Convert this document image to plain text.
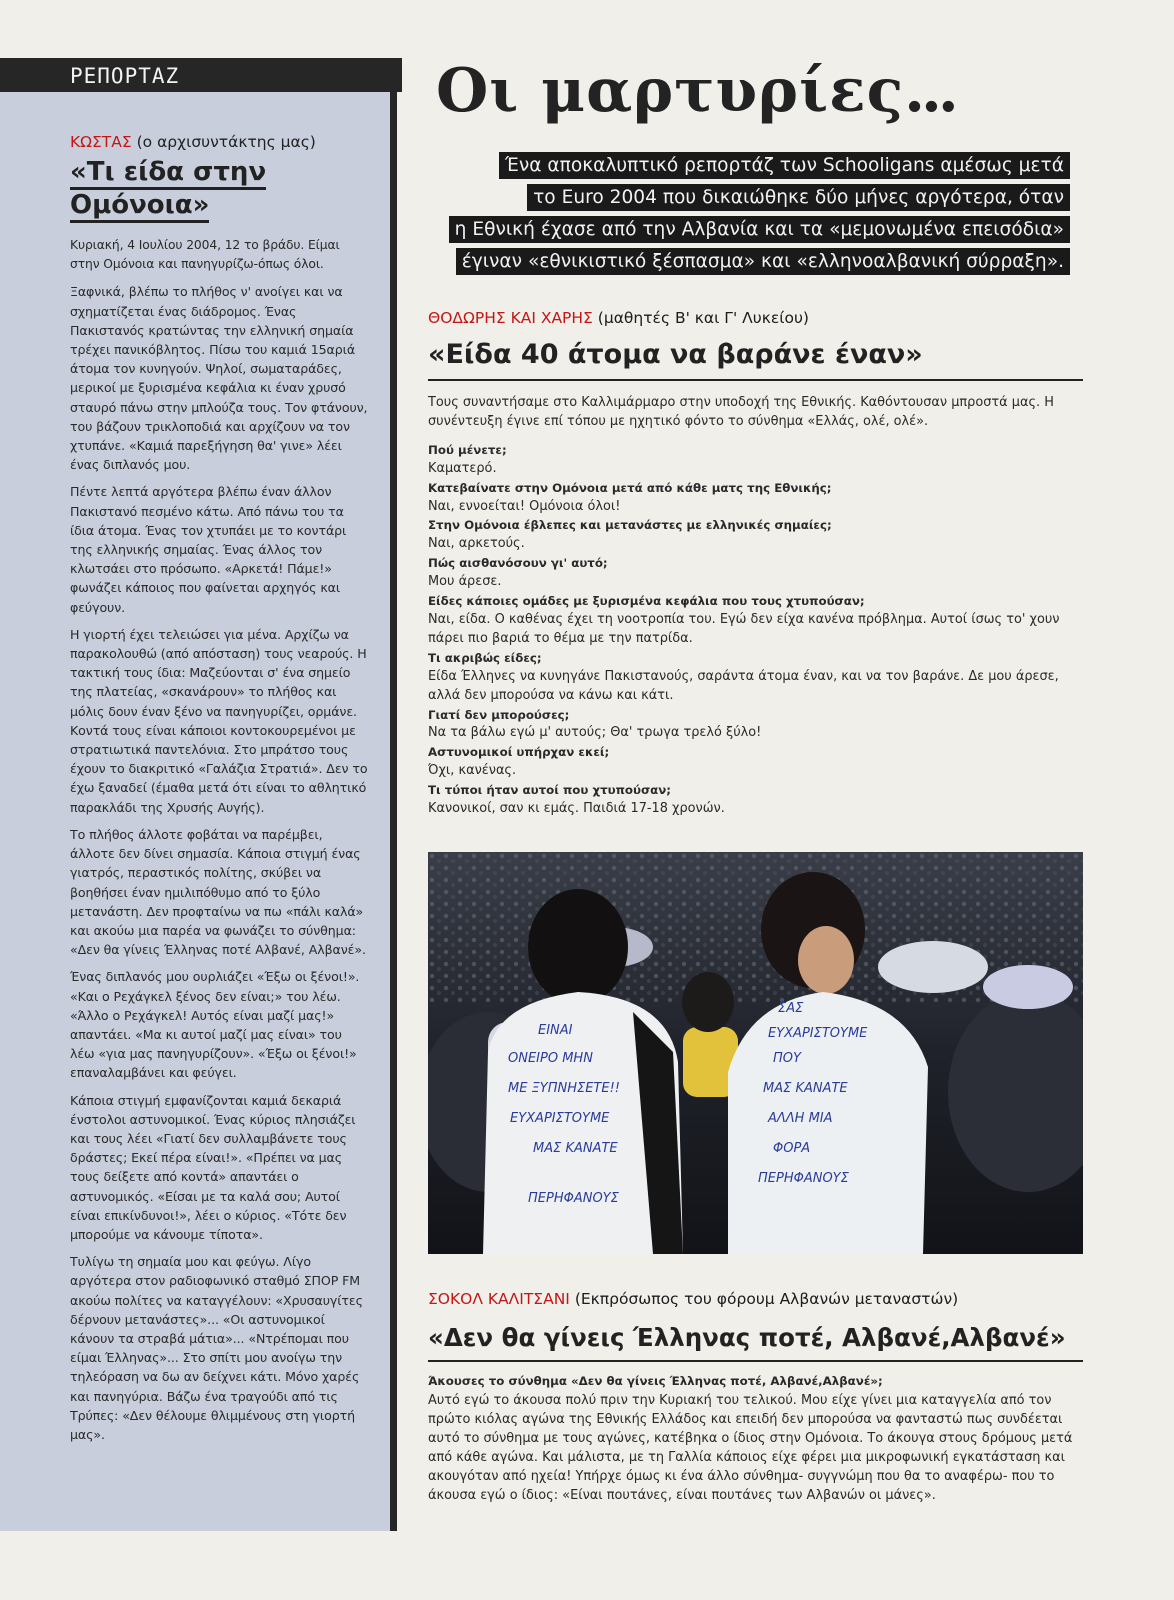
ΡΕΠΟΡΤΑΖ

ΚΩΣΤΑΣ (ο αρχισυντάκτης μας)

«Τι είδα στην
Ομόνοια»

Κυριακή, 4 Ιουλίου 2004, 12 το βράδυ. Είμαι στην Ομόνοια και πανηγυρίζω-όπως όλοι.

Ξαφνικά, βλέπω το πλήθος ν' ανοίγει και να σχηματίζεται ένας διάδρομος. Ένας Πακιστανός κρατώντας την ελληνική σημαία τρέχει πανικόβλητος. Πίσω του καμιά 15αριά άτομα τον κυνηγούν. Ψηλοί, σωματαράδες, μερικοί με ξυρισμένα κεφάλια κι έναν χρυσό σταυρό πάνω στην μπλούζα τους. Τον φτάνουν, του βάζουν τρικλοποδιά και αρχίζουν να τον χτυπάνε. «Καμιά παρεξήγηση θα' γινε» λέει ένας διπλανός μου.

Πέντε λεπτά αργότερα βλέπω έναν άλλον Πακιστανό πεσμένο κάτω. Από πάνω του τα ίδια άτομα. Ένας τον χτυπάει με το κοντάρι της ελληνικής σημαίας. Ένας άλλος τον κλωτσάει στο πρόσωπο. «Αρκετά! Πάμε!» φωνάζει κάποιος που φαίνεται αρχηγός και φεύγουν.

Η γιορτή έχει τελειώσει για μένα. Αρχίζω να παρακολουθώ (από απόσταση) τους νεαρούς. Η τακτική τους ίδια: Μαζεύονται σ' ένα σημείο της πλατείας, «σκανάρουν» το πλήθος και μόλις δουν έναν ξένο να πανηγυρίζει, ορμάνε. Κοντά τους είναι κάποιοι κοντοκουρεμένοι με στρατιωτικά παντελόνια. Στο μπράτσο τους έχουν το διακριτικό «Γαλάζια Στρατιά». Δεν το έχω ξαναδεί (έμαθα μετά ότι είναι το αθλητικό παρακλάδι της Χρυσής Αυγής).

Το πλήθος άλλοτε φοβάται να παρέμβει, άλλοτε δεν δίνει σημασία. Κάποια στιγμή ένας γιατρός, περαστικός πολίτης, σκύβει να βοηθήσει έναν ημιλιπόθυμο από το ξύλο μετανάστη. Δεν προφταίνω να πω «πάλι καλά» και ακούω μια παρέα να φωνάζει το σύνθημα: «Δεν θα γίνεις Έλληνας ποτέ Αλβανέ, Αλβανέ».

Ένας διπλανός μου ουρλιάζει «Έξω οι ξένοι!». «Και ο Ρεχάγκελ ξένος δεν είναι;» του λέω. «Άλλο ο Ρεχάγκελ! Αυτός είναι μαζί μας!» απαντάει. «Μα κι αυτοί μαζί μας είναι» του λέω «για μας πανηγυρίζουν». «Έξω οι ξένοι!» επαναλαμβάνει και φεύγει.

Κάποια στιγμή εμφανίζονται καμιά δεκαριά ένστολοι αστυνομικοί. Ένας κύριος πλησιάζει και τους λέει «Γιατί δεν συλλαμβάνετε τους δράστες; Εκεί πέρα είναι!». «Πρέπει να μας τους δείξετε από κοντά» απαντάει ο αστυνομικός. «Είσαι με τα καλά σου; Αυτοί είναι επικίνδυνοι!», λέει ο κύριος. «Τότε δεν μπορούμε να κάνουμε τίποτα».

Τυλίγω τη σημαία μου και φεύγω. Λίγο αργότερα στον ραδιοφωνικό σταθμό ΣΠΟΡ FM ακούω πολίτες να καταγγέλουν: «Χρυσαυγίτες δέρνουν μετανάστες»... «Οι αστυνομικοί κάνουν τα στραβά μάτια»... «Ντρέπομαι που είμαι Έλληνας»... Στο σπίτι μου ανοίγω την τηλεόραση να δω αν δείχνει κάτι. Μόνο χαρές και πανηγύρια. Βάζω ένα τραγούδι από τις Τρύπες: «Δεν θέλουμε θλιμμένους στη γιορτή μας».

Οι μαρτυρίες...
Ένα αποκαλυπτικό ρεπορτάζ των Schooligans αμέσως μετά
το Euro 2004 που δικαιώθηκε δύο μήνες αργότερα, όταν
η Εθνική έχασε από την Αλβανία και τα «μεμονωμένα επεισόδια»
έγιναν «εθνικιστικό ξέσπασμα» και «ελληνοαλβανική σύρραξη».
ΘΟΔΩΡΗΣ ΚΑΙ ΧΑΡΗΣ (μαθητές Β' και Γ' Λυκείου)
«Είδα 40 άτομα να βαράνε έναν»

Τους συναντήσαμε στο Καλλιμάρμαρο στην υποδοχή της Εθνικής. Καθόντουσαν μπροστά μας. Η συνέντευξη έγινε επί τόπου με ηχητικό φόντο το σύνθημα «Ελλάς, ολέ, ολέ».

Πού μένετε;

Καματερό.

Κατεβαίνατε στην Ομόνοια μετά από κάθε ματς της Εθνικής;

Ναι, εννοείται! Ομόνοια όλοι!

Στην Ομόνοια έβλεπες και μετανάστες με ελληνικές σημαίες;

Ναι, αρκετούς.

Πώς αισθανόσουν γι' αυτό;

Μου άρεσε.

Είδες κάποιες ομάδες με ξυρισμένα κεφάλια που τους χτυπούσαν;

Ναι, είδα. Ο καθένας έχει τη νοοτροπία του. Εγώ δεν είχα κανένα πρόβλημα. Αυτοί ίσως το' χουν πάρει πιο βαριά το θέμα με την πατρίδα.

Τι ακριβώς είδες;

Είδα Έλληνες να κυνηγάνε Πακιστανούς, σαράντα άτομα έναν, και να τον βαράνε. Δε μου άρεσε, αλλά δεν μπορούσα να κάνω και κάτι.

Γιατί δεν μπορούσες;

Να τα βάλω εγώ μ' αυτούς; Θα' τρωγα τρελό ξύλο!

Αστυνομικοί υπήρχαν εκεί;

Όχι, κανένας.

Τι τύποι ήταν αυτοί που χτυπούσαν;

Κανονικοί, σαν κι εμάς. Παιδιά 17-18 χρονών.

ΕΙΝΑΙ
ΟΝΕΙΡΟ ΜΗΝ
ΜΕ ΞΥΠΝΗΣΕΤΕ!!
ΕΥΧΑΡΙΣΤΟΥΜΕ
ΜΑΣ ΚΑΝΑΤΕ
ΠΕΡΗΦΑΝΟΥΣ
ΣΑΣ
ΕΥΧΑΡΙΣΤΟΥΜΕ
ΠΟΥ
ΜΑΣ ΚΑΝΑΤΕ
ΑΛΛΗ ΜΙΑ
ΦΟΡΑ
ΠΕΡΗΦΑΝΟΥΣ
ΣΟΚΟΛ ΚΑΛΙΤΣΑΝΙ (Εκπρόσωπος του φόρουμ Αλβανών μεταναστών)
«Δεν θα γίνεις Έλληνας ποτέ, Αλβανέ,Αλβανέ»

Άκουσες το σύνθημα «Δεν θα γίνεις Έλληνας ποτέ, Αλβανέ,Αλβανέ»;

Αυτό εγώ το άκουσα πολύ πριν την Κυριακή του τελικού. Μου είχε γίνει μια καταγγελία από τον πρώτο κιόλας αγώνα της Εθνικής Ελλάδος και επειδή δεν μπορούσα να φανταστώ πως συνδέεται αυτό το σύνθημα με τους αγώνες, κατέβηκα ο ίδιος στην Ομόνοια. Το άκουγα στους δρόμους μετά από κάθε αγώνα. Και μάλιστα, με τη Γαλλία κάποιος είχε φέρει μια μικροφωνική εγκατάσταση και ακουγόταν από ηχεία! Υπήρχε όμως κι ένα άλλο σύνθημα- συγγνώμη που θα το αναφέρω- που το άκουσα εγώ ο ίδιος: «Είναι πουτάνες, είναι πουτάνες των Αλβανών οι μάνες».
